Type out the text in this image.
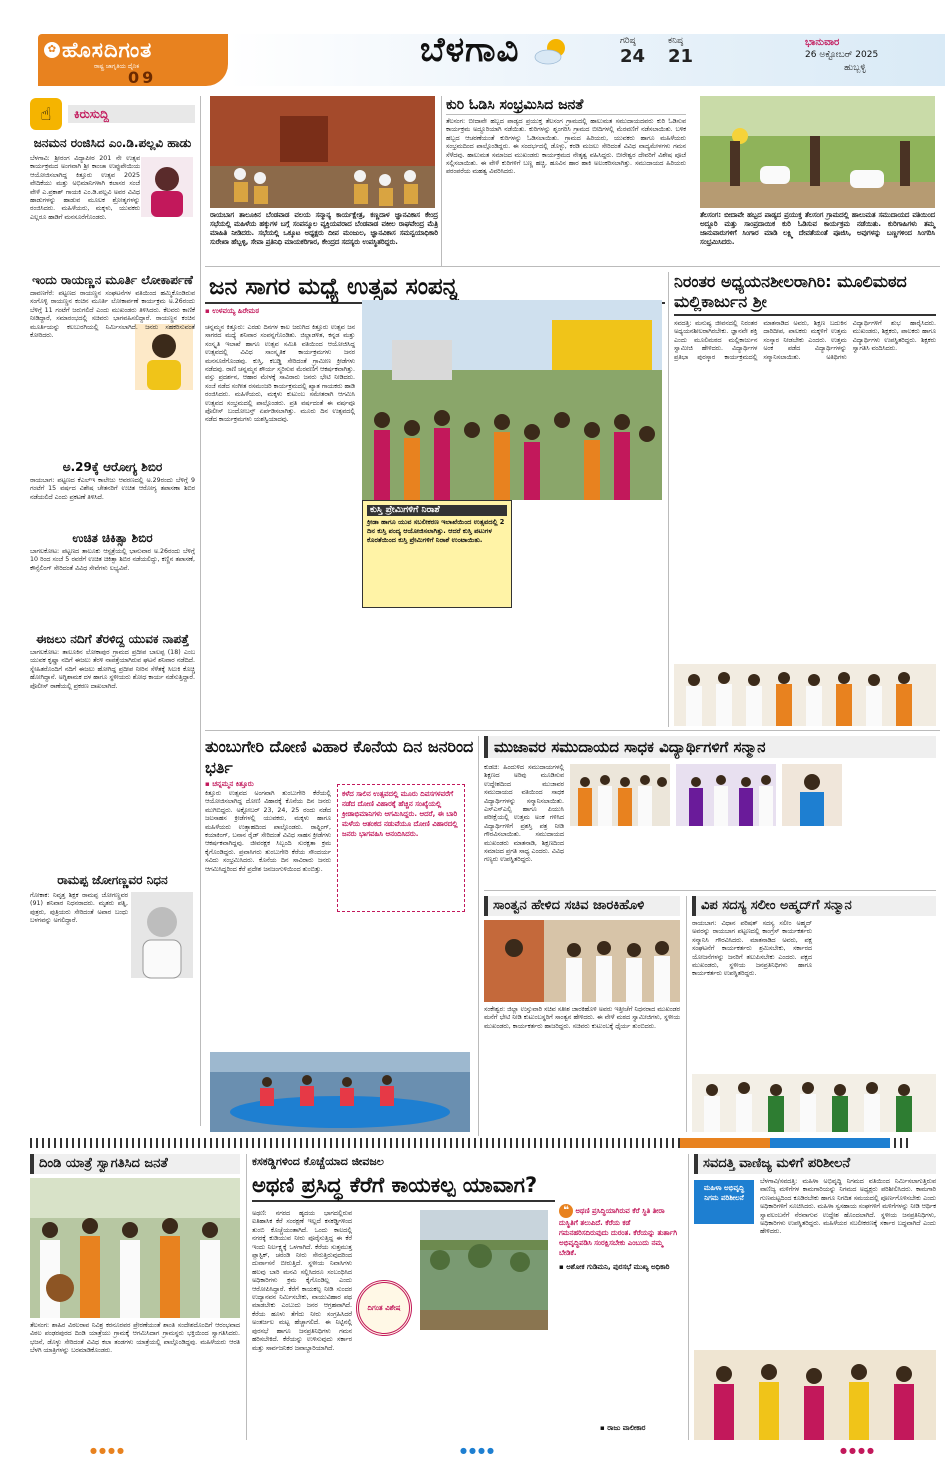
✿ ಹೊಸದಿಗಂತ
ರಾಷ್ಟ್ರ ಜಾಗೃತಿಯ ದೈನಿಕ
09
ಬೆಳಗಾವಿ	ಗರಿಷ್ಠ
24
ಕನಿಷ್ಠ
21
ಭಾನುವಾರ
26 ಅಕ್ಟೋಬರ್ 2025
ಹುಬ್ಬಳ್ಳಿ
☝	ಕಿರುಸುದ್ದಿ
ಜನಮನ ರಂಜಿಸಿದ ಎಂ.ಡಿ.ಪಲ್ಲವಿ ಹಾಡು
ಬೆಳಗಾವಿ: ಶ್ರೀರಂಗ ವಿದ್ಯಾಪೀಠ 201 ನೇ ಉತ್ಸವ ಕಾರ್ಯಕ್ರಮದ ಅಂಗವಾಗಿ ಶ್ರೀ ಕಾಂಚಾ ಉಪ್ಪುಪೇಯಿಯ ಆಯೋಜಿಸಲಾಗಿದ್ದ ಕಿತ್ತೂರು ಉತ್ಸವ 2025 ವೇದಿಕೆಯು ಮತ್ತು ಅಭಿಮಾನಿಗಳಾಗಿ ಕಲಾಸರ ಸಂಜೆ ವೇಳೆ ಎ.ಪ್ರಕಾಶ್ ಗಾಯಕಿ ಎಂ.ಡಿ.ಪಲ್ಲವಿ ಅವರ ವಿವಿಧ ಹಾಡುಗಳನ್ನು ಹಾಡುವ ಮೂಲಕ ಶ್ರೋತೃಗಳನ್ನು ರಂಜಿಸಿದರು. ಮಹಿಳೆಯರು, ಮಕ್ಕಳು, ಯುವಕರು ಎಲ್ಲರೂ ಹಾಡಿಗೆ ಮನಸೂರೆಗೊಂಡರು.
ಇಂದು ರಾಯಣ್ಣನ ಮೂರ್ತಿ ಲೋಕಾರ್ಪಣೆ
ದಾವಣಗೆರೆ: ಪಟ್ಟಣದ ರಾಯಣ್ಣನ ಸಂಘಟನೆಗಳ ವತಿಯಿಂದ ಹಮ್ಮಿಕೊಂಡಿರುವ ಸಂಗೊಳ್ಳಿ ರಾಯಣ್ಣನ ಕಂಚಿನ ಮೂರ್ತಿ ಲೋಕಾರ್ಪಣೆ ಕಾರ್ಯಕ್ರಮ ಅ.26ರಂದು ಬೆಳಿಗ್ಗೆ 11 ಗಂಟೆಗೆ ಜರುಗಲಿದೆ ಎಂದು ಮುಖಂಡರು ತಿಳಿಸಿದರು. ಕೆಲವರು ಕಾಣಿಕೆ ನೀಡಿದ್ದಾರೆ, ಸಮಾರಂಭದಲ್ಲಿ ಸಚಿವರು ಭಾಗವಹಿಸಲಿದ್ದಾರೆ. ರಾಯಣ್ಣನ ಕಂಚಿನ ಮೂರ್ತಿಯನ್ನು ಕಲಬುರಗಿಯಲ್ಲಿ ನಿರ್ಮಿಸಲಾಗಿದೆ. ಜನರು ಸಹಕರಿಸುವಂತೆ ಕೋರಿದರು.
ಅ.29ಕ್ಕೆ ಆರೋಗ್ಯ ಶಿಬಿರ
ರಾಯಬಾಗ: ಪಟ್ಟಣದ ಕೆಎಲ್ಇ ಕಾಲೇಜು ಆವರಣದಲ್ಲಿ ಅ.29ರಂದು ಬೆಳಿಗ್ಗೆ 9 ಗಂಟೆಗೆ 15 ವರ್ಷದ ವಿಶೇಷ ಚೇತನರಿಗೆ ಉಚಿತ ಆರೋಗ್ಯ ತಪಾಸಣಾ ಶಿಬಿರ ನಡೆಯಲಿದೆ ಎಂದು ಪ್ರಕಟಣೆ ತಿಳಿಸಿದೆ.
ಉಚಿತ ಚಿಕಿತ್ಸಾ ಶಿಬಿರ
ಬಾಗಲಕೋಟ: ಪಟ್ಟಣದ ತಾಲೂಕು ಆಸ್ಪತ್ರೆಯಲ್ಲಿ ಭಾನುವಾರ ಅ.26ರಂದು ಬೆಳಿಗ್ಗೆ 10 ರಿಂದ ಸಂಜೆ 5 ರವರೆಗೆ ಉಚಿತ ಚಿಕಿತ್ಸಾ ಶಿಬಿರ ನಡೆಯಲಿದ್ದು, ಕಣ್ಣಿನ ತಪಾಸಣೆ, ಕೌನ್ಸೆಲಿಂಗ್ ಸೇರಿದಂತೆ ವಿವಿಧ ಸೇವೆಗಳು ಲಭ್ಯವಿವೆ.
ಈಜಲು ನದಿಗೆ ತೆರಳಿದ್ದ ಯುವಕ ನಾಪತ್ತೆ
ಬಾಗಲಕೋಟ: ತಾಲೂಕಿನ ಲೋಕಾಪುರ ಗ್ರಾಮದ ಪ್ರದೀಪ ಬಾಲಪ್ಪ (18) ಎಂಬ ಯುವಕ ಕೃಷ್ಣಾ ನದಿಗೆ ಈಜಲು ತೆರಳಿ ನಾಪತ್ತೆಯಾಗಿರುವ ಘಟನೆ ಶನಿವಾರ ನಡೆದಿದೆ. ಸ್ನೇಹಿತರೊಂದಿಗೆ ನದಿಗೆ ಈಜಲು ಹೋಗಿದ್ದ ಪ್ರದೀಪ ನೀರಿನ ಸೆಳೆತಕ್ಕೆ ಸಿಲುಕಿ ಕೊಚ್ಚಿ ಹೋಗಿದ್ದಾನೆ. ಅಗ್ನಿಶಾಮಕ ದಳ ಹಾಗೂ ಸ್ಥಳೀಯರು ಶೋಧ ಕಾರ್ಯ ನಡೆಸುತ್ತಿದ್ದಾರೆ. ಪೊಲೀಸ್ ಠಾಣೆಯಲ್ಲಿ ಪ್ರಕರಣ ದಾಖಲಾಗಿದೆ.
ರಾಮಪ್ಪ ಜೋಗಣ್ಣವರ ನಿಧನ
ಗೋಕಾಕ: ನಿವೃತ್ತ ಶಿಕ್ಷಕ ರಾಮಪ್ಪ ಜೋಗಣ್ಣವರ (91) ಶನಿವಾರ ನಿಧನರಾದರು. ಮೃತರು ಪತ್ನಿ, ಪುತ್ರರು, ಪುತ್ರಿಯರು ಸೇರಿದಂತೆ ಅಪಾರ ಬಂಧು ಬಳಗವನ್ನು ಅಗಲಿದ್ದಾರೆ.
ರಾಯಬಾಗ ತಾಲೂಕಿನ ಬೆಂಡವಾಡ ವಲಯ ಸನ್ಮಾನ್ಯ ಕಾರ್ಯಕ್ಷೇತ್ರ, ಕಣ್ಣದಾಳ ಜ್ಞಾನವಿಕಾಸ ಕೇಂದ್ರ ಸಭೆಯಲ್ಲಿ ಮಹಿಳೆಯ ಹಕ್ಕುಗಳ ಬಗ್ಗೆ ಸಂಪನ್ಮೂಲ ವ್ಯಕ್ತಿಯವರಾದ ಬೆಂಡವಾಡ ವಕೀಲ ರಾಘವೇಂದ್ರ ಮೆತ್ರಿ ಮಾಹಿತಿ ನೀಡಿದರು. ಸಭೆಯಲ್ಲಿ ಒಕ್ಕೂಟ ಅಧ್ಯಕ್ಷರು ದೀಪ ಮಂಜುಲ, ಜ್ಞಾನವಿಕಾಸ ಸಮನ್ವಯಾಧಿಕಾರಿ ಸುರೇಖಾ ಹೆಬ್ಬಳ್ಳಿ, ಸೇವಾ ಪ್ರತಿನಿಧಿ ಮಾಯಕರಿಗಾರ, ಕೇಂದ್ರದ ಸದಸ್ಯರು ಉಪಸ್ಥಿತರಿದ್ದರು.
ಕುರಿ ಓಡಿಸಿ ಸಂಭ್ರಮಿಸಿದ ಜನತೆ
ತೆಲಸಂಗ: ಬೀದಾವೇ ಹಬ್ಬದ ಪಾಡ್ಯದ ಪ್ರಯುಕ್ತ ತೆಲಸಂಗ ಗ್ರಾಮದಲ್ಲಿ ಹಾಲುಮತ ಸಮುದಾಯದವರು ಕುರಿ ಓಡಿಸುವ ಕಾರ್ಯಕ್ರಮ ಅದ್ದೂರಿಯಾಗಿ ನಡೆಯಿತು. ಕುರಿಗಳನ್ನು ಶೃಂಗರಿಸಿ ಗ್ರಾಮದ ಬೀದಿಗಳಲ್ಲಿ ಮೆರವಣಿಗೆ ನಡೆಸಲಾಯಿತು. ಬಳಿಕ ಹಬ್ಬದ ಆಚರಣೆಯಂತೆ ಕುರಿಗಳನ್ನು ಓಡಿಸಲಾಯಿತು. ಗ್ರಾಮದ ಹಿರಿಯರು, ಯುವಕರು ಹಾಗೂ ಮಹಿಳೆಯರು ಸಂಭ್ರಮದಿಂದ ಪಾಲ್ಗೊಂಡಿದ್ದರು. ಈ ಸಂದರ್ಭದಲ್ಲಿ ಡೊಳ್ಳು, ಕರಡಿ ಮಜಲು ಸೇರಿದಂತೆ ವಿವಿಧ ವಾದ್ಯಮೇಳಗಳು ಗಮನ ಸೆಳೆದವು. ಹಾಲುಮತ ಸಮಾಜದ ಮುಖಂಡರು ಕಾರ್ಯಕ್ರಮದ ನೇತೃತ್ವ ವಹಿಸಿದ್ದರು. ಬೀರೇಶ್ವರ ದೇವರಿಗೆ ವಿಶೇಷ ಪೂಜೆ ಸಲ್ಲಿಸಲಾಯಿತು. ಈ ವೇಳೆ ಕುರಿಗಳಿಗೆ ಬಣ್ಣ ಹಚ್ಚಿ, ಹೂವಿನ ಹಾರ ಹಾಕಿ ಅಲಂಕರಿಸಲಾಗಿತ್ತು. ಸಮುದಾಯದ ಹಿರಿಯರು ಪರಂಪರೆಯ ಮಹತ್ವ ವಿವರಿಸಿದರು.
ತೆಲಸಂಗ: ಬೀದಾವೇ ಹಬ್ಬದ ಪಾಡ್ಯದ ಪ್ರಯುಕ್ತ ತೆಲಸಂಗ ಗ್ರಾಮದಲ್ಲಿ ಹಾಲುಮತ ಸಮುದಾಯದ ವತಿಯಿಂದ ಅದ್ದೂರಿ ಮತ್ತು ಸಾಂಪ್ರದಾಯಿಕ ಕುರಿ ಓಡಿಸುವ ಕಾರ್ಯಕ್ರಮ ನಡೆಯಿತು. ಕುರಿಗಾಹಿಗಳು ತಮ್ಮ ಜಾನುವಾರುಗಳಿಗೆ ಸಿಂಗಾರ ಮಾಡಿ ಲಕ್ಷ್ಮಿ ದೇವತೆಯಂತೆ ಪೂಜಿಸಿ, ಅವುಗಳನ್ನು ಬಣ್ಣಗಳಿಂದ ಸಿಂಗರಿಸಿ ಸಂಭ್ರಮಿಸಿದರು.
ಜನ ಸಾಗರ ಮಧ್ಯೆ ಉತ್ಸವ ಸಂಪನ್ನ
▪ ಉಳವಯ್ಯ ಹಿರೇಮಠ
ಚನ್ನಮ್ಮನ ಕಿತ್ತೂರು: ಎರಡು ದಿನಗಳ ಕಾಲ ಜರುಗಿದ ಕಿತ್ತೂರು ಉತ್ಸವ ಜನ ಸಾಗರದ ಮಧ್ಯೆ ಶನಿವಾರ ಸಂಪನ್ನಗೊಂಡಿತು. ಜಿಲ್ಲಾಡಳಿತ, ಕನ್ನಡ ಮತ್ತು ಸಂಸ್ಕೃತಿ ಇಲಾಖೆ ಹಾಗೂ ಉತ್ಸವ ಸಮಿತಿ ವತಿಯಿಂದ ಆಯೋಜಿಸಿದ್ದ ಉತ್ಸವದಲ್ಲಿ ವಿವಿಧ ಸಾಂಸ್ಕೃತಿಕ ಕಾರ್ಯಕ್ರಮಗಳು ಜನರ ಮನಸೂರೆಗೊಂಡವು. ಕುಸ್ತಿ, ಕಬಡ್ಡಿ ಸೇರಿದಂತೆ ಗ್ರಾಮೀಣ ಕ್ರೀಡೆಗಳು ನಡೆದವು. ರಾಣಿ ಚನ್ನಮ್ಮನ ಶೌರ್ಯ ಸ್ಮರಿಸುವ ಮೆರವಣಿಗೆ ಆಕರ್ಷಕವಾಗಿತ್ತು. ವಸ್ತು ಪ್ರದರ್ಶನ, ಆಹಾರ ಮೇಳಕ್ಕೆ ಸಾವಿರಾರು ಜನರು ಭೇಟಿ ನೀಡಿದರು. ಸಂಜೆ ನಡೆದ ಸಂಗೀತ ರಸಮಂಜರಿ ಕಾರ್ಯಕ್ರಮದಲ್ಲಿ ಖ್ಯಾತ ಗಾಯಕರು ಹಾಡಿ ರಂಜಿಸಿದರು. ಮಹಿಳೆಯರು, ಮಕ್ಕಳು ಕುಟುಂಬ ಸಮೇತರಾಗಿ ಆಗಮಿಸಿ ಉತ್ಸವದ ಸಂಭ್ರಮದಲ್ಲಿ ಪಾಲ್ಗೊಂಡರು. ಪ್ರತಿ ವರ್ಷದಂತೆ ಈ ವರ್ಷವೂ ಪೊಲೀಸ್ ಬಂದೋಬಸ್ತ್ ಏರ್ಪಡಿಸಲಾಗಿತ್ತು. ಮೂರು ದಿನ ಉತ್ಸವದಲ್ಲಿ ನಡೆದ ಕಾರ್ಯಕ್ರಮಗಳು ಯಶಸ್ವಿಯಾದವು.
ಕುಸ್ತಿ ಪ್ರೇಮಿಗಳಿಗೆ ನಿರಾಶೆ
ಕ್ರೀಡಾ ಹಾಗೂ ಯುವ ಸಬಲೀಕರಣ ಇಲಾಖೆಯಿಂದ ಉತ್ಸವದಲ್ಲಿ 2 ದಿನ ಕುಸ್ತಿ ಪಂದ್ಯ ಆಯೋಜಿಸಲಾಗಿತ್ತು. ಆದರೆ ಕುಸ್ತಿ ಪಟುಗಳ ಕೊರತೆಯಿಂದ ಕುಸ್ತಿ ಪ್ರೇಮಿಗಳಿಗೆ ನಿರಾಶೆ ಉಂಟಾಯಿತು.
ನಿರಂತರ ಅಧ್ಯಯನಶೀಲರಾಗಿರಿ: ಮೂಲಿಮಠದ ಮಲ್ಲಿಕಾರ್ಜುನ ಶ್ರೀ
ಸವದತ್ತಿ: ಮನುಷ್ಯ ಜೀವನದಲ್ಲಿ ನಿರಂತರ ಅಧ್ಯಯನಶೀಲರಾಗಿರಬೇಕು. ಜ್ಞಾನವೇ ಶಕ್ತಿ ಎಂದು ಮೂಲಿಮಠದ ಮಲ್ಲಿಕಾರ್ಜುನ ಸ್ವಾಮೀಜಿ ಹೇಳಿದರು. ವಿದ್ಯಾರ್ಥಿಗಳ ಪ್ರತಿಭಾ ಪುರಸ್ಕಾರ ಕಾರ್ಯಕ್ರಮದಲ್ಲಿ ಮಾತನಾಡಿದ ಅವರು, ಶಿಕ್ಷಣ ಬದುಕಿನ ದಾರಿದೀಪ, ಪಾಲಕರು ಮಕ್ಕಳಿಗೆ ಉತ್ತಮ ಸಂಸ್ಕಾರ ನೀಡಬೇಕು ಎಂದರು. ಉತ್ತಮ ಅಂಕ ಪಡೆದ ವಿದ್ಯಾರ್ಥಿಗಳನ್ನು ಸನ್ಮಾನಿಸಲಾಯಿತು. ಅತಿಥಿಗಳು ವಿದ್ಯಾರ್ಥಿಗಳಿಗೆ ಶುಭ ಹಾರೈಸಿದರು. ಮುಖಂಡರು, ಶಿಕ್ಷಕರು, ಪಾಲಕರು ಹಾಗೂ ವಿದ್ಯಾರ್ಥಿಗಳು ಉಪಸ್ಥಿತರಿದ್ದರು. ಶಿಕ್ಷಕರು ಸ್ವಾಗತಿಸಿ ವಂದಿಸಿದರು.
ತುಂಬುಗೇರಿ ದೋಣಿ ವಿಹಾರ ಕೊನೆಯ ದಿನ ಜನರಿಂದ ಭರ್ತಿ
▪ ಚನ್ನಮ್ಮನ ಕಿತ್ತೂರು
ಕಿತ್ತೂರು ಉತ್ಸವದ ಅಂಗವಾಗಿ ತುಂಬುಗೇರಿ ಕೆರೆಯಲ್ಲಿ ಆಯೋಜಿಸಲಾಗಿದ್ದ ದೋಣಿ ವಿಹಾರಕ್ಕೆ ಕೊನೆಯ ದಿನ ಜನರು ಮುಗಿಬಿದ್ದರು. ಅಕ್ಟೋಬರ್ 23, 24, 25 ರಂದು ನಡೆದ ಜಲಸಾಹಸ ಕ್ರೀಡೆಗಳಲ್ಲಿ ಯುವಕರು, ಮಕ್ಕಳು ಹಾಗೂ ಮಹಿಳೆಯರು ಉತ್ಸಾಹದಿಂದ ಪಾಲ್ಗೊಂಡರು. ರಾಫ್ಟಿಂಗ್, ಕಯಾಕಿಂಗ್, ಬನಾನ ರೈಡ್ ಸೇರಿದಂತೆ ವಿವಿಧ ಸಾಹಸ ಕ್ರೀಡೆಗಳು ಆಕರ್ಷಕವಾಗಿದ್ದವು. ಜೀವರಕ್ಷಕ ಸಿಬ್ಬಂದಿ ಸುರಕ್ಷತಾ ಕ್ರಮ ಕೈಗೊಂಡಿದ್ದರು. ಪ್ರವಾಸಿಗರು ತುಂಬುಗೇರಿ ಕೆರೆಯ ಸೌಂದರ್ಯ ಸವಿದು ಸಂಭ್ರಮಿಸಿದರು. ಕೊನೆಯ ದಿನ ಸಾವಿರಾರು ಜನರು ಆಗಮಿಸಿದ್ದರಿಂದ ಕೆರೆ ಪ್ರದೇಶ ಜನಜಂಗುಳಿಯಿಂದ ತುಂಬಿತ್ತು.
ಕಳೆದ ಸಾಲಿನ ಉತ್ಸವದಲ್ಲಿ ಮೂರು ದಿವಸಗಳವರೆಗೆ ನಡೆದ ದೋಣಿ ವಿಹಾರಕ್ಕೆ ಹೆಚ್ಚಿನ ಸಂಖ್ಯೆಯಲ್ಲಿ ಕ್ರೀಡಾಭಿಮಾನಿಗಳು ಆಗಮಿಸಿದ್ದರು. ಆದರೆ, ಈ ಬಾರಿ ಮಳೆಯ ಆತಂಕದ ನಡುವೆಯೂ ದೋಣಿ ವಿಹಾರದಲ್ಲಿ ಜನರು ಭಾಗವಹಿಸಿ ಆನಂದಿಸಿದರು.
ಮುಜಾವರ ಸಮುದಾಯದ ಸಾಧಕ ವಿದ್ಯಾರ್ಥಿಗಳಿಗೆ ಸನ್ಮಾನ
ಕುಡಚಿ: ಹಿಂದುಳಿದ ಸಮುದಾಯಗಳಲ್ಲಿ ಶಿಕ್ಷಣದ ಅರಿವು ಮೂಡಿಸುವ ಉದ್ದೇಶದಿಂದ ಮುಜಾವರ ಸಮುದಾಯದ ವತಿಯಿಂದ ಸಾಧಕ ವಿದ್ಯಾರ್ಥಿಗಳನ್ನು ಸನ್ಮಾನಿಸಲಾಯಿತು. ಎಸ್ಎಸ್ಎಲ್ಸಿ ಹಾಗೂ ಪಿಯುಸಿ ಪರೀಕ್ಷೆಯಲ್ಲಿ ಉತ್ತಮ ಅಂಕ ಗಳಿಸಿದ ವಿದ್ಯಾರ್ಥಿಗಳಿಗೆ ಪ್ರಶಸ್ತಿ ಪತ್ರ ನೀಡಿ ಗೌರವಿಸಲಾಯಿತು. ಸಮುದಾಯದ ಮುಖಂಡರು ಮಾತನಾಡಿ, ಶಿಕ್ಷಣದಿಂದ ಸಮಾಜದ ಪ್ರಗತಿ ಸಾಧ್ಯ ಎಂದರು. ವಿವಿಧ ಗಣ್ಯರು ಉಪಸ್ಥಿತರಿದ್ದರು.
ಸಾಂತ್ವನ ಹೇಳಿದ ಸಚಿವ ಜಾರಕಿಹೊಳಿ
ಸಂಕೇಶ್ವರ: ಜಿಲ್ಲಾ ಉಸ್ತುವಾರಿ ಸಚಿವ ಸತೀಶ ಜಾರಕಿಹೊಳಿ ಅವರು ಇತ್ತೀಚೆಗೆ ನಿಧನರಾದ ಮುಖಂಡರ ಮನೆಗೆ ಭೇಟಿ ನೀಡಿ ಕುಟುಂಬಸ್ಥರಿಗೆ ಸಾಂತ್ವನ ಹೇಳಿದರು. ಈ ವೇಳೆ ಮಠದ ಸ್ವಾಮೀಜಿಗಳು, ಸ್ಥಳೀಯ ಮುಖಂಡರು, ಕಾರ್ಯಕರ್ತರು ಹಾಜರಿದ್ದರು. ಸಚಿವರು ಕುಟುಂಬಕ್ಕೆ ಧೈರ್ಯ ತುಂಬಿದರು.
ವಿಪ ಸದಸ್ಯ ಸಲೀಂ ಅಹ್ಮದ್‌ಗೆ ಸನ್ಮಾನ
ರಾಯಬಾಗ: ವಿಧಾನ ಪರಿಷತ್ ಸದಸ್ಯ ಸಲೀಂ ಅಹ್ಮದ್ ಅವರನ್ನು ರಾಯಬಾಗ ಪಟ್ಟಣದಲ್ಲಿ ಕಾಂಗ್ರೆಸ್ ಕಾರ್ಯಕರ್ತರು ಸನ್ಮಾನಿಸಿ ಗೌರವಿಸಿದರು. ಮಾತನಾಡಿದ ಅವರು, ಪಕ್ಷ ಸಂಘಟನೆಗೆ ಕಾರ್ಯಕರ್ತರು ಶ್ರಮಿಸಬೇಕು, ಸರ್ಕಾರದ ಯೋಜನೆಗಳನ್ನು ಜನರಿಗೆ ತಲುಪಿಸಬೇಕು ಎಂದರು. ಪಕ್ಷದ ಮುಖಂಡರು, ಸ್ಥಳೀಯ ಜನಪ್ರತಿನಿಧಿಗಳು ಹಾಗೂ ಕಾರ್ಯಕರ್ತರು ಉಪಸ್ಥಿತರಿದ್ದರು.
ದಿಂಡಿ ಯಾತ್ರೆ ಸ್ವಾಗತಿಸಿದ ಜನತೆ
ತೆಲಸಂಗ: ಶಾಹಿರ ವಿಠಲರಾವ ನಿವಿಶ್ರ ಕರನೂರವರ ಪ್ರೇರಣೆಯಂತೆ ಶಾಂತಿ ಸಂದೇಶದೊಂದಿಗೆ ಆರಂಭವಾದ ವಿಠಲ ಪಂಢರಪುರದ ದಿಂಡಿ ಯಾತ್ರೆಯು ಗ್ರಾಮಕ್ಕೆ ಆಗಮಿಸಿದಾಗ ಗ್ರಾಮಸ್ಥರು ಭಕ್ತಿಯಿಂದ ಸ್ವಾಗತಿಸಿದರು. ಭಜನೆ, ಡೊಳ್ಳು ಸೇರಿದಂತೆ ವಿವಿಧ ಕಲಾ ತಂಡಗಳು ಯಾತ್ರೆಯಲ್ಲಿ ಪಾಲ್ಗೊಂಡಿದ್ದವು. ಮಹಿಳೆಯರು ಆರತಿ ಬೆಳಗಿ ಯಾತ್ರಿಗಳನ್ನು ಬರಮಾಡಿಕೊಂಡರು.
ಕಸಕಡ್ಡಿಗಳಿಂದ ಕೊಚ್ಚೆಯಾದ ಜೀವಜಲ
ಅಥಣಿ ಪ್ರಸಿದ್ಧ ಕೆರೆಗೆ ಕಾಯಕಲ್ಪ ಯಾವಾಗ?
ಅಥಣಿ: ನಗರದ ಹೃದಯ ಭಾಗದಲ್ಲಿರುವ ಐತಿಹಾಸಿಕ ಕೆರೆ ಸಂರಕ್ಷಣೆ ಇಲ್ಲದೆ ಕಸಕಡ್ಡಿಗಳಿಂದ ತುಂಬಿ ಕೊಚ್ಚೆಯಂತಾಗಿದೆ. ಒಂದು ಕಾಲದಲ್ಲಿ ನಗರಕ್ಕೆ ಕುಡಿಯುವ ನೀರು ಪೂರೈಸುತ್ತಿದ್ದ ಈ ಕೆರೆ ಇಂದು ನಿರ್ಲಕ್ಷ್ಯಕ್ಕೆ ಒಳಗಾಗಿದೆ. ಕೆರೆಯ ಸುತ್ತಮುತ್ತ ಪ್ಲಾಸ್ಟಿಕ್, ಚರಂಡಿ ನೀರು ಸೇರುತ್ತಿರುವುದರಿಂದ ದುರ್ವಾಸನೆ ಬೀರುತ್ತಿದೆ. ಸ್ಥಳೀಯ ನಿವಾಸಿಗಳು ಹಲವು ಬಾರಿ ಮನವಿ ಸಲ್ಲಿಸಿದರೂ ಸಂಬಂಧಿಸಿದ ಅಧಿಕಾರಿಗಳು ಕ್ರಮ ಕೈಗೊಂಡಿಲ್ಲ ಎಂದು ಆರೋಪಿಸಿದ್ದಾರೆ. ಕೆರೆಗೆ ಕಾಯಕಲ್ಪ ನೀಡಿ ಸುಂದರ ಉದ್ಯಾನವನ ನಿರ್ಮಿಸಬೇಕು, ವಾಯುವಿಹಾರ ಪಥ ಮಾಡಬೇಕು ಎಂಬುದು ಜನರ ಆಗ್ರಹವಾಗಿದೆ. ಕೆರೆಯ ಹೂಳು ತೆಗೆದು ನೀರು ಸಂಗ್ರಹಿಸಿದರೆ ಅಂತರ್ಜಲ ಮಟ್ಟ ಹೆಚ್ಚಾಗಲಿದೆ. ಈ ನಿಟ್ಟಿನಲ್ಲಿ ಪುರಸಭೆ ಹಾಗೂ ಜನಪ್ರತಿನಿಧಿಗಳು ಗಮನ ಹರಿಸಬೇಕಿದೆ. ಕೆರೆಯನ್ನು ಉಳಿಸುವುದು ಸರ್ಕಾರ ಮತ್ತು ಸಾರ್ವಜನಿಕರ ಜವಾಬ್ದಾರಿಯಾಗಿದೆ.
ದಿಗಂತ ವಿಶೇಷ
❝ ಅಥಣಿ ಪ್ರಸಿದ್ಧಿಯಾಗಿರುವ ಕೆರೆ ಸ್ಥಿತಿ ತೀರಾ ದುಸ್ಥಿತಿಗೆ ತಲುಪಿದೆ. ಕೆರೆಯ ಕಡೆ ಗಮನಹರಿಸದಿರುವುದು ದುರಂತ. ಕೆರೆಯನ್ನು ತುರ್ತಾಗಿ ಅಭಿವೃದ್ಧಿಪಡಿಸಿ ಸಂರಕ್ಷಿಸಬೇಕು ಎಂಬುದು ನಮ್ಮ ಬೇಡಿಕೆ.
▪ ಅಶೋಕ ಗುಡಿಮನಿ, ಪುರಸಭೆ ಮುಖ್ಯ ಅಧಿಕಾರಿ
▪ ರಾಜು ವಾಲೀಕಾರ
ಸವದತ್ತಿ ವಾಣಿಜ್ಯ ಮಳಿಗೆ ಪರಿಶೀಲನೆ
ಮಹಿಳಾ ಅಭಿವೃದ್ಧಿ ನಿಗಮ ಪರಿಶೀಲನೆ
ಬೆಳಗಾವಿ/ಸವದತ್ತಿ: ಮಹಿಳಾ ಅಭಿವೃದ್ಧಿ ನಿಗಮದ ವತಿಯಿಂದ ನಿರ್ಮಿಸಲಾಗುತ್ತಿರುವ ವಾಣಿಜ್ಯ ಮಳಿಗೆಗಳ ಕಾಮಗಾರಿಯನ್ನು ನಿಗಮದ ಅಧ್ಯಕ್ಷರು ಪರಿಶೀಲಿಸಿದರು. ಕಾಮಗಾರಿ ಗುಣಮಟ್ಟದಿಂದ ಕೂಡಿರಬೇಕು ಹಾಗೂ ನಿಗದಿತ ಸಮಯದಲ್ಲಿ ಪೂರ್ಣಗೊಳಿಸಬೇಕು ಎಂದು ಅಧಿಕಾರಿಗಳಿಗೆ ಸೂಚಿಸಿದರು. ಮಹಿಳಾ ಸ್ವಸಹಾಯ ಸಂಘಗಳಿಗೆ ಮಳಿಗೆಗಳನ್ನು ನೀಡಿ ಆರ್ಥಿಕ ಸ್ವಾವಲಂಬನೆಗೆ ನೆರವಾಗುವ ಉದ್ದೇಶ ಹೊಂದಲಾಗಿದೆ. ಸ್ಥಳೀಯ ಜನಪ್ರತಿನಿಧಿಗಳು, ಅಧಿಕಾರಿಗಳು ಉಪಸ್ಥಿತರಿದ್ದರು. ಮಹಿಳೆಯರ ಸಬಲೀಕರಣಕ್ಕೆ ಸರ್ಕಾರ ಬದ್ಧವಾಗಿದೆ ಎಂದು ಹೇಳಿದರು.
●●●●	●●●●	●●●●
